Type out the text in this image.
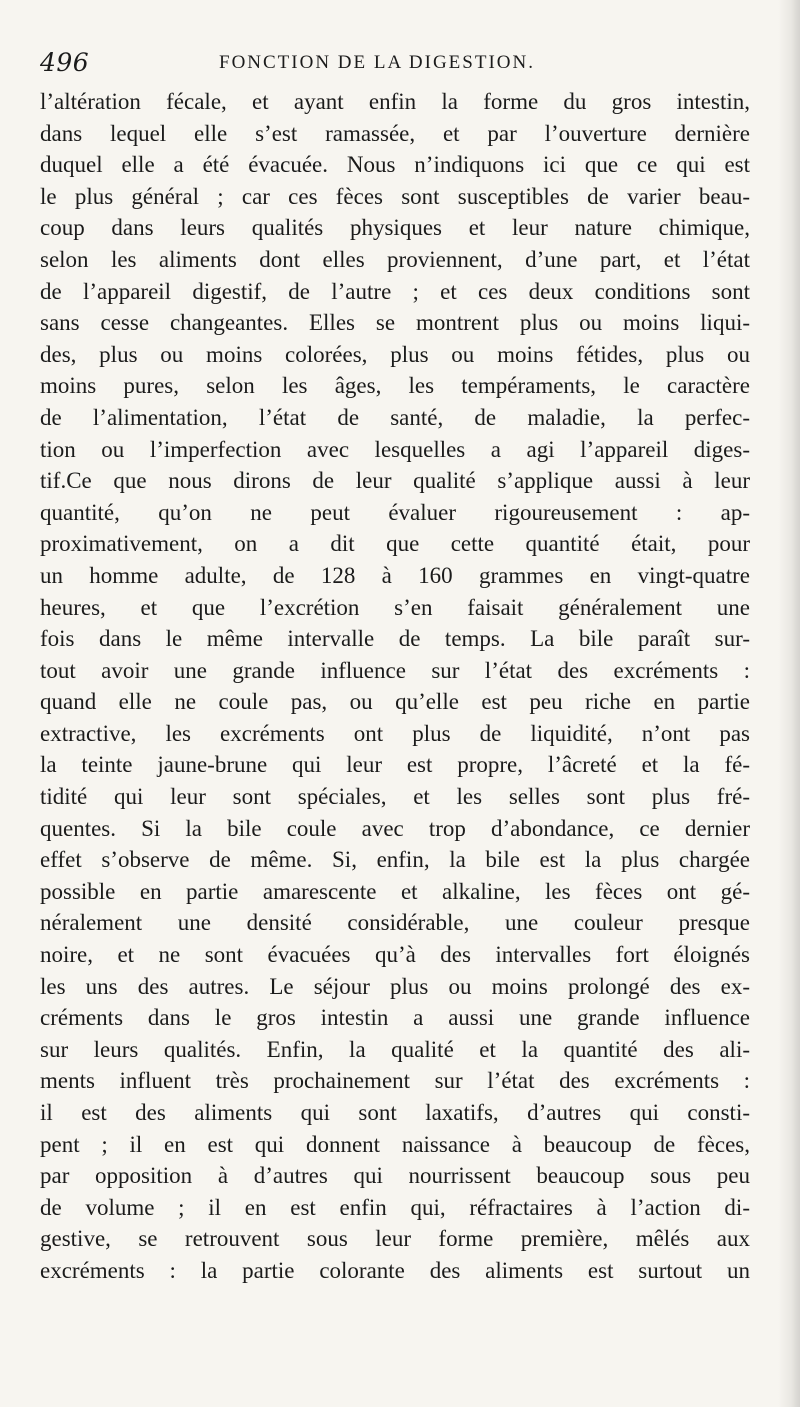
496	FONCTION DE LA DIGESTION.
l’altération fécale, et ayant enfin la forme du gros intestin,
dans lequel elle s’est ramassée, et par l’ouverture dernière
duquel elle a été évacuée. Nous n’indiquons ici que ce qui est
le plus général ; car ces fèces sont susceptibles de varier beau-
coup dans leurs qualités physiques et leur nature chimique,
selon les aliments dont elles proviennent, d’une part, et l’état
de l’appareil digestif, de l’autre ; et ces deux conditions sont
sans cesse changeantes. Elles se montrent plus ou moins liqui-
des, plus ou moins colorées, plus ou moins fétides, plus ou
moins pures, selon les âges, les tempéraments, le caractère
de l’alimentation, l’état de santé, de maladie, la perfec-
tion ou l’imperfection avec lesquelles a agi l’appareil diges-
tif.Ce que nous dirons de leur qualité s’applique aussi à leur
quantité, qu’on ne peut évaluer rigoureusement : ap-
proximativement, on a dit que cette quantité était, pour
un homme adulte, de 128 à 160 grammes en vingt-quatre
heures, et que l’excrétion s’en faisait généralement une
fois dans le même intervalle de temps. La bile paraît sur-
tout avoir une grande influence sur l’état des excréments :
quand elle ne coule pas, ou qu’elle est peu riche en partie
extractive, les excréments ont plus de liquidité, n’ont pas
la teinte jaune-brune qui leur est propre, l’âcreté et la fé-
tidité qui leur sont spéciales, et les selles sont plus fré-
quentes. Si la bile coule avec trop d’abondance, ce dernier
effet s’observe de même. Si, enfin, la bile est la plus chargée
possible en partie amarescente et alkaline, les fèces ont gé-
néralement une densité considérable, une couleur presque
noire, et ne sont évacuées qu’à des intervalles fort éloignés
les uns des autres. Le séjour plus ou moins prolongé des ex-
créments dans le gros intestin a aussi une grande influence
sur leurs qualités. Enfin, la qualité et la quantité des ali-
ments influent très prochainement sur l’état des excréments :
il est des aliments qui sont laxatifs, d’autres qui consti-
pent ; il en est qui donnent naissance à beaucoup de fèces,
par opposition à d’autres qui nourrissent beaucoup sous peu
de volume ; il en est enfin qui, réfractaires à l’action di-
gestive, se retrouvent sous leur forme première, mêlés aux
excréments : la partie colorante des aliments est surtout un
